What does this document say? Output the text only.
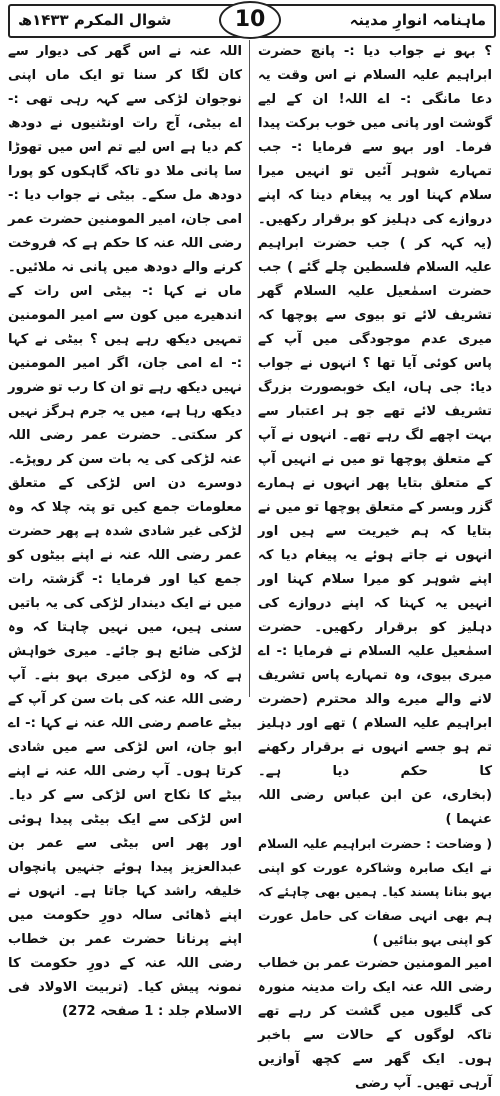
ماہنامہ انوارِ مدینہ
شوال المکرم ۱۴۳۳ھ	10

؟ بہو نے جواب دیا :- پانچ حضرت ابراہیم علیہ السلام نے اس وقت یہ دعا مانگی :- اے اللہ! ان کے لیے گوشت اور پانی میں خوب برکت پیدا فرما۔ اور بہو سے فرمایا :- جب تمہارے شوہر آئیں تو انہیں میرا سلام کہنا اور یہ پیغام دینا کہ اپنے دروازے کی دہلیز کو برقرار رکھیں۔ (یہ کہہ کر ) جب حضرت ابراہیم علیہ السلام فلسطین چلے گئے ) جب حضرت اسمٰعیل علیہ السلام گھر تشریف لائے تو بیوی سے پوچھا کہ میری عدم موجودگی میں آپ کے پاس کوئی آیا تھا ؟ انہوں نے جواب دیا: جی ہاں، ایک خوبصورت بزرگ تشریف لائے تھے جو ہر اعتبار سے بہت اچھے لگ رہے تھے۔ انہوں نے آپ کے متعلق پوچھا تو میں نے انہیں آپ کے متعلق بتایا پھر انہوں نے ہمارے گزر وبسر کے متعلق پوچھا تو میں نے بتایا کہ ہم خیریت سے ہیں اور انہوں نے جاتے ہوئے یہ پیغام دیا کہ اپنے شوہر کو میرا سلام کہنا اور انہیں یہ کہنا کہ اپنے دروازے کی دہلیز کو برقرار رکھیں۔ حضرت اسمٰعیل علیہ السلام نے فرمایا :- اے میری بیوی، وہ تمہارے پاس تشریف لانے والے میرے والد محترم (حضرت ابراہیم علیہ السلام ) تھے اور دہلیز تم ہو جسے انہوں نے برقرار رکھنے کا حکم دیا ہے۔ (بخاری، عن ابن عباس رضی اللہ عنہما )

( وضاحت : حضرت ابراہیم علیہ السلام نے ایک صابرہ وشاکرہ عورت کو اپنی بہو بنانا پسند کیا۔ ہمیں بھی چاہئے کہ ہم بھی انہی صفات کی حامل عورت کو اپنی بہو بنائیں )

امیر المومنین حضرت عمر بن خطاب رضی اللہ عنہ ایک رات مدینہ منورہ کی گلیوں میں گشت کر رہے تھے تاکہ لوگوں کے حالات سے باخبر ہوں۔ ایک گھر سے کچھ آوازیں آرہی تھیں۔ آپ رضی

اللہ عنہ نے اس گھر کی دیوار سے کان لگا کر سنا تو ایک ماں اپنی نوجوان لڑکی سے کہہ رہی تھی :- اے بیٹی، آج رات اونٹنیوں نے دودھ کم دیا ہے اس لیے تم اس میں تھوڑا سا پانی ملا دو تاکہ گاہکوں کو پورا دودھ مل سکے۔ بیٹی نے جواب دیا :- امی جان، امیر المومنین حضرت عمر رضی اللہ عنہ کا حکم ہے کہ فروخت کرنے والے دودھ میں پانی نہ ملائیں۔ ماں نے کہا :- بیٹی اس رات کے اندھیرے میں کون سے امیر المومنین تمہیں دیکھ رہے ہیں ؟ بیٹی نے کہا :- اے امی جان، اگر امیر المومنین نہیں دیکھ رہے تو ان کا رب تو ضرور دیکھ رہا ہے، میں یہ جرم ہرگز نہیں کر سکتی۔ حضرت عمر رضی اللہ عنہ لڑکی کی یہ بات سن کر روپڑے۔ دوسرے دن اس لڑکی کے متعلق معلومات جمع کیں تو پتہ چلا کہ وہ لڑکی غیر شادی شدہ ہے پھر حضرت عمر رضی اللہ عنہ نے اپنے بیٹوں کو جمع کیا اور فرمایا :- گزشتہ رات میں نے ایک دیندار لڑکی کی یہ باتیں سنی ہیں، میں نہیں چاہتا کہ وہ لڑکی ضائع ہو جائے۔ میری خواہش ہے کہ وہ لڑکی میری بہو بنے۔ آپ رضی اللہ عنہ کی بات سن کر آپ کے بیٹے عاصم رضی اللہ عنہ نے کہا :- اے ابو جان، اس لڑکی سے میں شادی کرتا ہوں۔ آپ رضی اللہ عنہ نے اپنے بیٹے کا نکاح اس لڑکی سے کر دیا۔ اس لڑکی سے ایک بیٹی پیدا ہوئی اور پھر اس بیٹی سے عمر بن عبدالعزیز پیدا ہوئے جنہیں پانچواں خلیفہ راشد کہا جاتا ہے۔ انہوں نے اپنے ڈھائی سالہ دورِ حکومت میں اپنے پرنانا حضرت عمر بن خطاب رضی اللہ عنہ کے دورِ حکومت کا نمونہ پیش کیا۔ (تربیت الاولاد فی الاسلام جلد : 1 صفحہ 272)
